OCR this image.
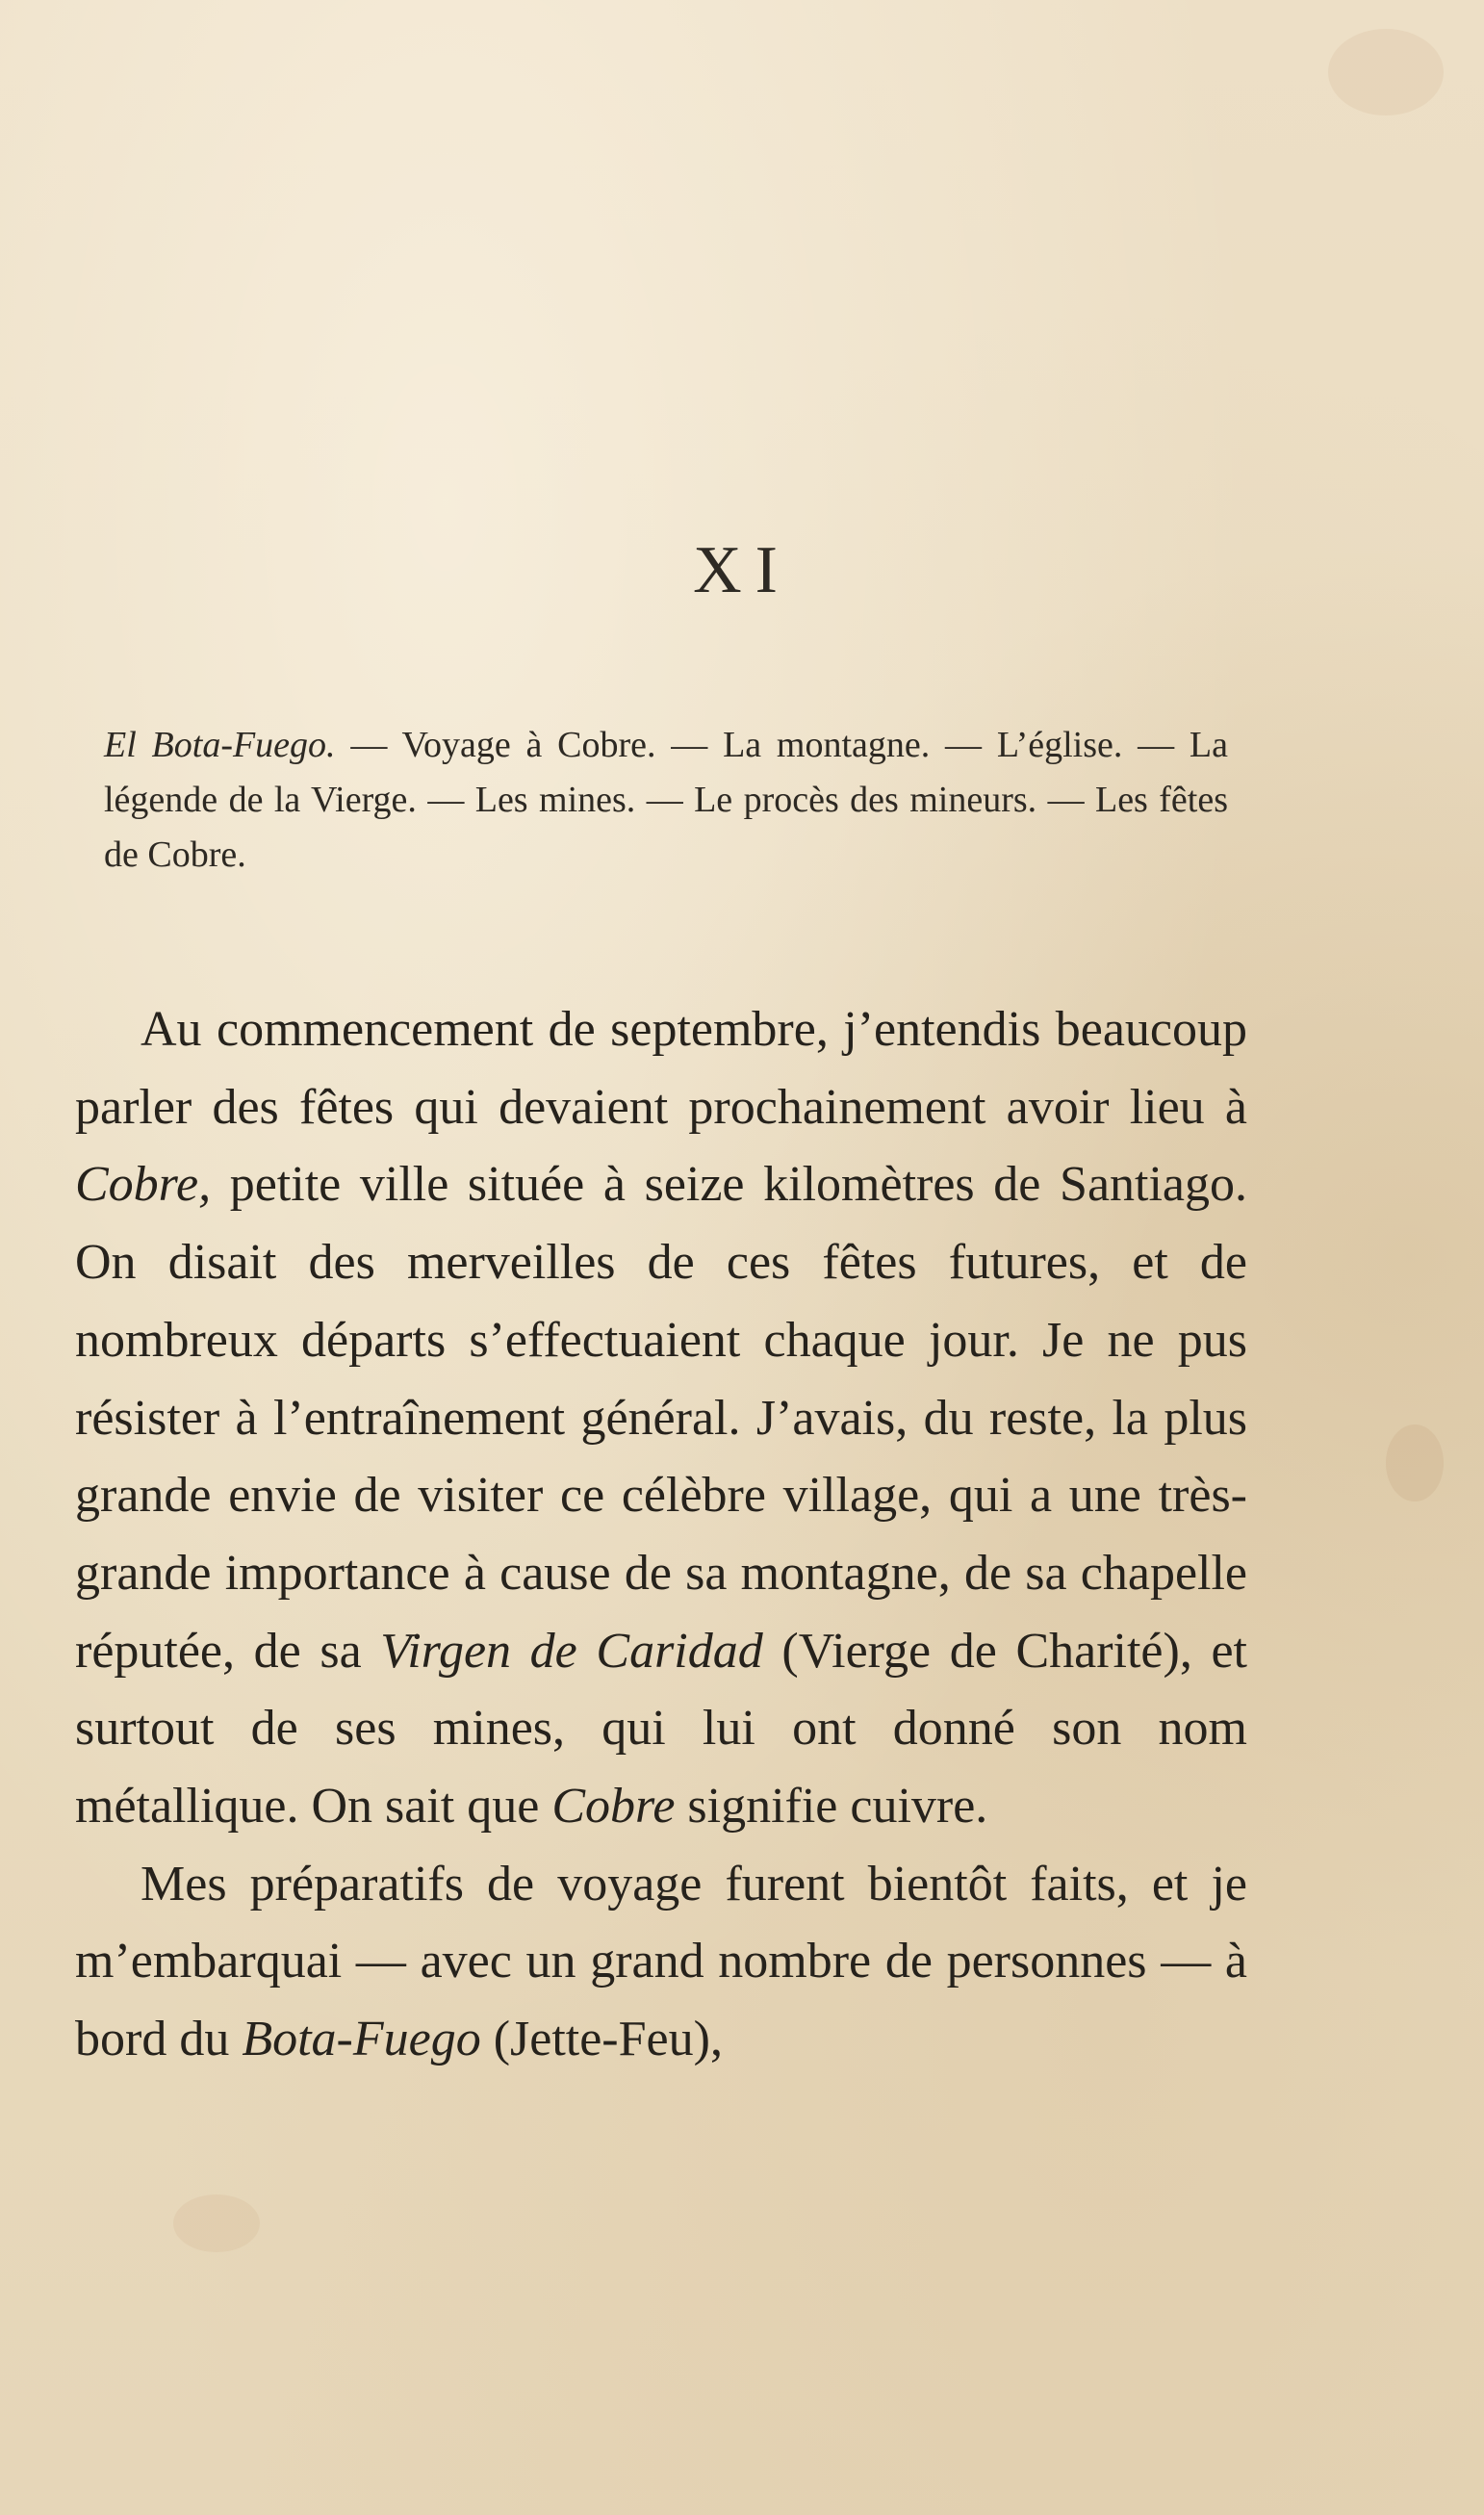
XI
El Bota-Fuego. — Voyage à Cobre. — La montagne. — L’église. — La légende de la Vierge. — Les mines. — Le procès des mineurs. — Les fêtes de Cobre.

Au commencement de septembre, j’entendis beaucoup parler des fêtes qui devaient prochainement avoir lieu à Cobre, petite ville située à seize kilomètres de Santiago. On disait des merveilles de ces fêtes futures, et de nombreux départs s’effectuaient chaque jour. Je ne pus résister à l’entraînement général. J’avais, du reste, la plus grande envie de visiter ce célèbre village, qui a une très-grande importance à cause de sa montagne, de sa chapelle réputée, de sa Virgen de Caridad (Vierge de Charité), et surtout de ses mines, qui lui ont donné son nom métallique. On sait que Cobre signifie cuivre.

Mes préparatifs de voyage furent bientôt faits, et je m’embarquai — avec un grand nombre de personnes — à bord du Bota-Fuego (Jette-Feu),
